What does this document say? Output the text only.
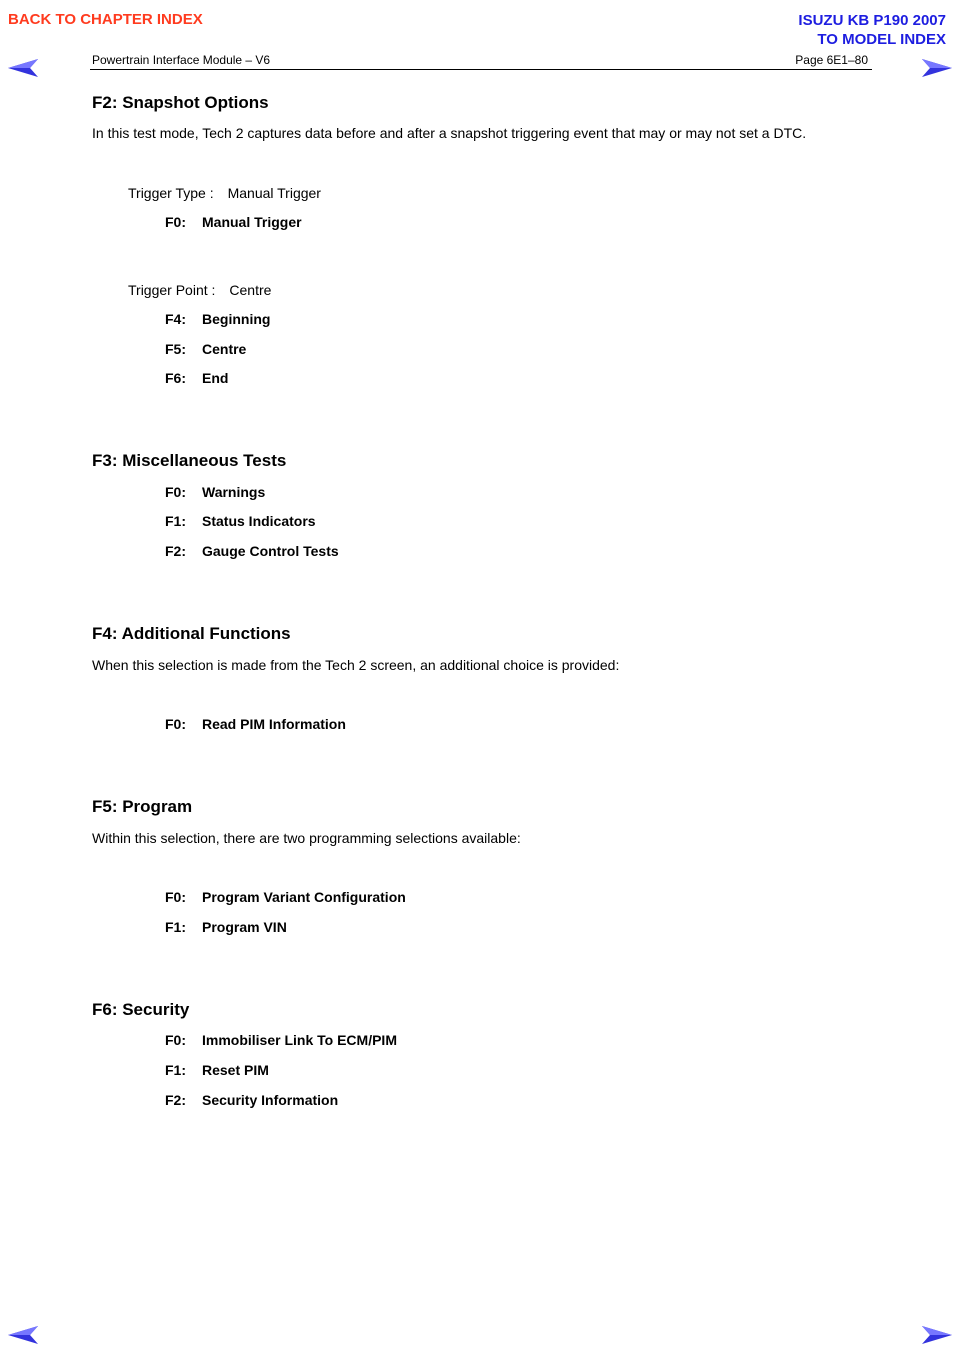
BACK TO CHAPTER INDEX	ISUZU KB P190 2007
TO MODEL INDEX
Powertrain Interface Module – V6	Page 6E1–80
F2: Snapshot Options
In this test mode, Tech 2 captures data before and after a snapshot triggering event that may or may not set a DTC.
Trigger Type : Manual Trigger
F0: Manual Trigger
Trigger Point : Centre
F4: Beginning
F5: Centre
F6: End
F3: Miscellaneous Tests
F0: Warnings
F1: Status Indicators
F2: Gauge Control Tests
F4: Additional Functions
When this selection is made from the Tech 2 screen, an additional choice is provided:
F0: Read PIM Information
F5: Program
Within this selection, there are two programming selections available:
F0: Program Variant Configuration
F1: Program VIN
F6: Security
F0: Immobiliser Link To ECM/PIM
F1: Reset PIM
F2: Security Information
